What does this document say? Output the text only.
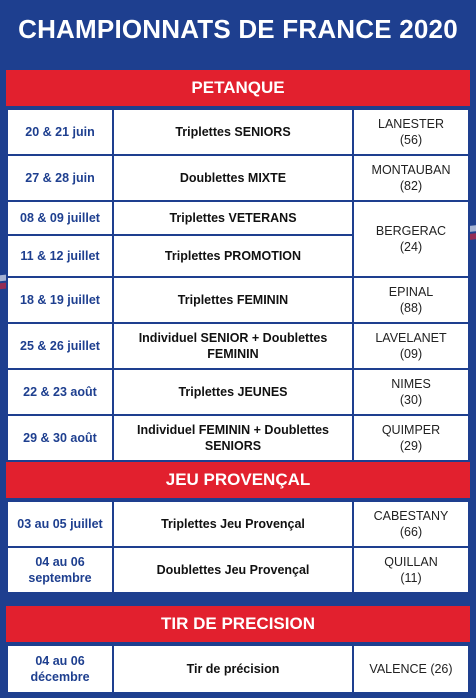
CHAMPIONNATS DE FRANCE 2020
PETANQUE
20 & 21 juin	Triplettes SENIORS	LANESTER
(56)

27 & 28 juin	Doublettes MIXTE	MONTAUBAN
(82)

08 & 09 juillet	Triplettes VETERANS	BERGERAC
(24)

11 & 12 juillet	Triplettes PROMOTION	
18 & 19 juillet	Triplettes FEMININ	EPINAL
(88)

25 & 26 juillet	Individuel SENIOR + Doublettes FEMININ	LAVELANET
(09)

22 & 23 août	Triplettes JEUNES	NIMES
(30)

29 & 30 août	Individuel FEMININ + Doublettes SENIORS	QUIMPER
(29)
JEU PROVENÇAL
03 au 05 juillet	Triplettes Jeu Provençal	CABESTANY
(66)

04 au 06 septembre	Doublettes Jeu Provençal	QUILLAN
(11)
TIR DE PRECISION
04 au 06 décembre	Tir de précision	VALENCE (26)
